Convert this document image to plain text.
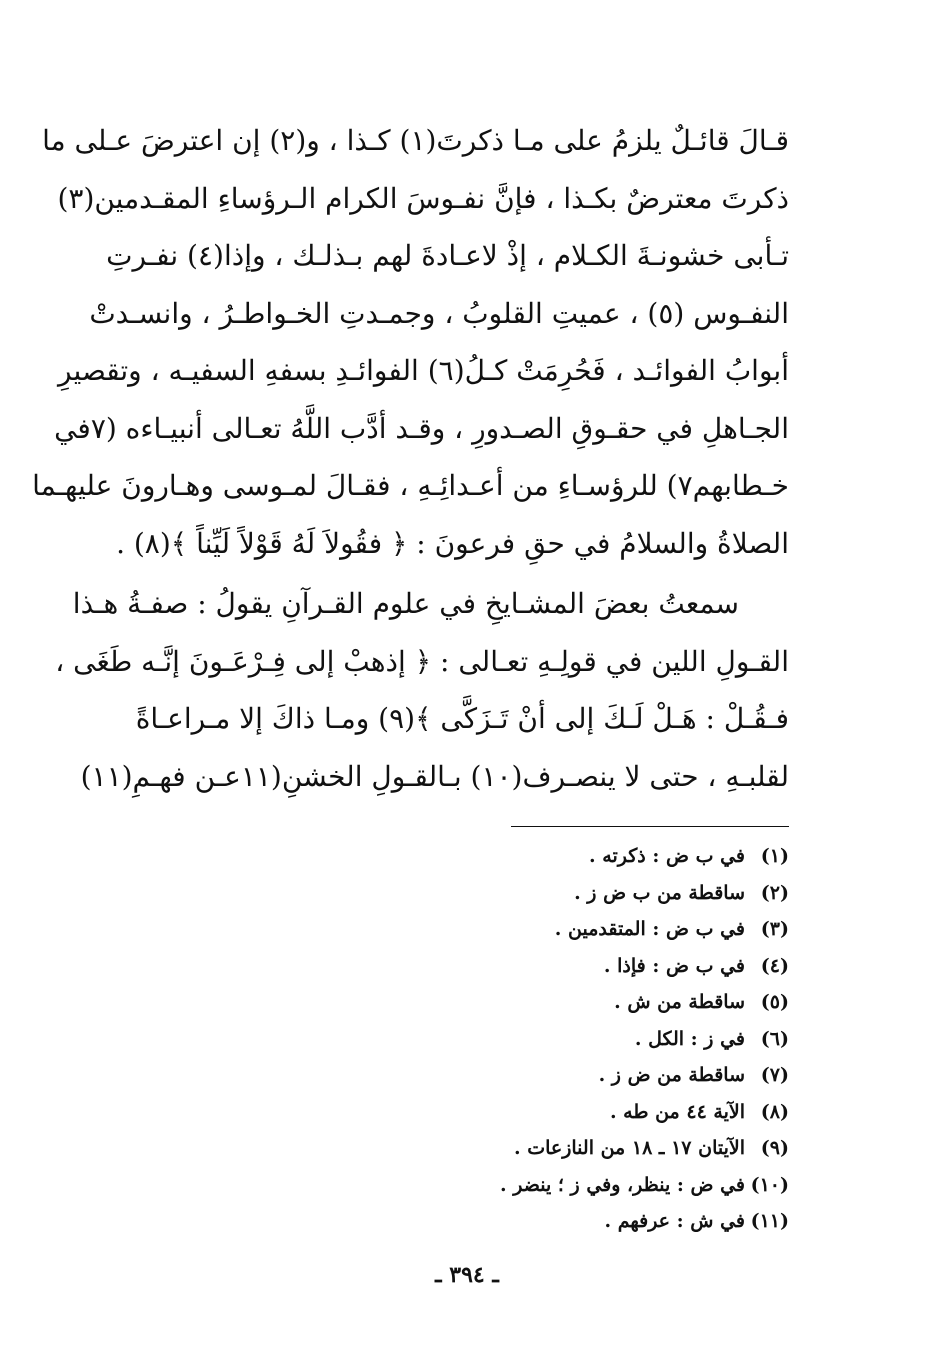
قـالَ قائـلٌ يلزمُ على مـا ذكرتَ(١) كـذا ، و(٢) إن اعترضَ عـلى ما
ذكرتَ معترضٌ بكـذا ، فإنَّ نفـوسَ الكرام الـرؤساءِ المقـدمين(٣)
تـأبى خشونـةَ الكـلام ، إذْ لاعـادةَ لهم بـذلـك ، وإذا(٤) نفـرتِ
النفـوس (٥) ، عميتِ القلوبُ ، وجمـدتِ الخـواطـرُ ، وانسـدتْ
أبوابُ الفوائـد ، فَحُرِمَتْ كـلُ(٦) الفوائـدِ بسفهِ السفيـه ، وتقصيرِ
الجـاهلِ في حقـوقِ الصـدورِ ، وقـد أدَّب اللَّهُ تعـالى أنبيـاءه (٧في
خـطابهم٧) للرؤسـاءِ من أعـدائِـهِ ، فقـالَ لمـوسى وهـارونَ عليهـما
الصلاةُ والسلامُ في حقِ فرعونَ : ﴿ فقُولاَ لَهُ قَوْلاً لَيِّناً ﴾(٨) .
سمعتُ بعضَ المشـايخِ في علوم القـرآنِ يقولُ : صفـةُ هـذا
القـولِ اللين في قولِـهِ تعـالى : ﴿ إذهبْ إلى فِـرْعَـونَ إنَّـه طَغَى ،
فـقُـلْ : هَـلْ لَـكَ إلى أنْ تَـزَكَّى ﴾(٩) ومـا ذاكَ إلا مـراعـاةً
لقلبـهِ ، حتى لا ينصـرف(١٠) بـالقـولِ الخشنِ(١١عـن فهـمِ(١١)
(١)في ب ض : ذكرته .
(٢)ساقطة من ب ض ز .
(٣)في ب ض : المتقدمين .
(٤)في ب ض : فإذا .
(٥)ساقطة من ش .
(٦)في ز : الكل .
(٧)ساقطة من ض ز .
(٨)الآية ٤٤ من طه .
(٩)الآيتان ١٧ ـ ١٨ من النازعات .
(١٠)في ض : ينظر، وفي ز ؛ ينضر .
(١١)في ش : عرفهم .
ـ ٣٩٤ ـ
